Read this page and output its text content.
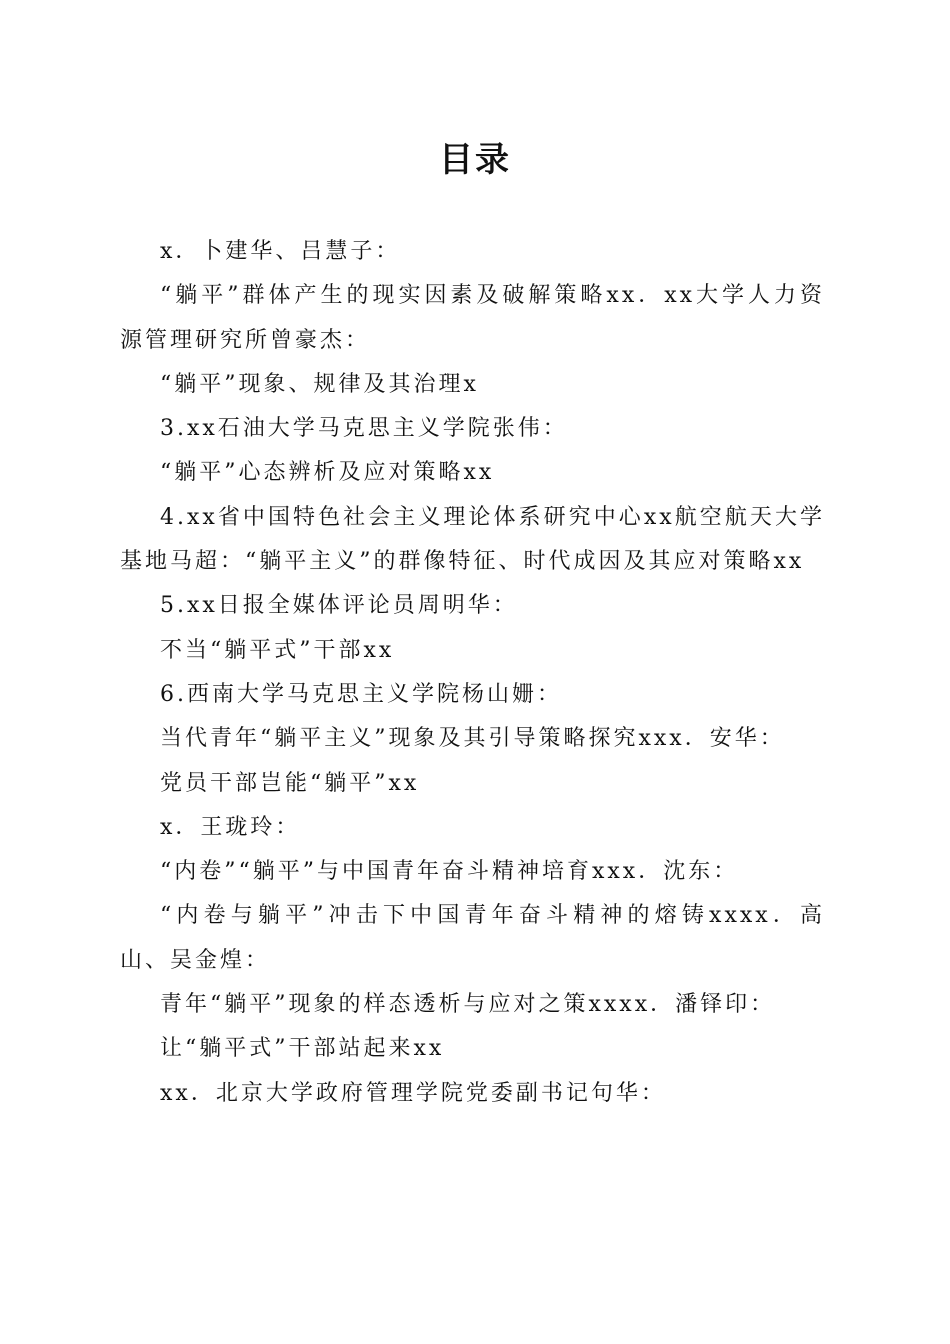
目录

x．卜建华、吕慧子：

“躺平”群体产生的现实因素及破解策略xx．xx大学人力资源管理研究所曾豪杰：

“躺平”现象、规律及其治理x

3.xx石油大学马克思主义学院张伟：

“躺平”心态辨析及应对策略xx

4.xx省中国特色社会主义理论体系研究中心xx航空航天大学基地马超：“躺平主义”的群像特征、时代成因及其应对策略xx

5.xx日报全媒体评论员周明华：

不当“躺平式”干部xx

6.西南大学马克思主义学院杨山姗：

当代青年“躺平主义”现象及其引导策略探究xxx．安华：

党员干部岂能“躺平”xx

x．王珑玲：

“内卷”“躺平”与中国青年奋斗精神培育xxx．沈东：

“内卷与躺平”冲击下中国青年奋斗精神的熔铸xxxx．高山、吴金煌：

青年“躺平”现象的样态透析与应对之策xxxx．潘铎印：

让“躺平式”干部站起来xx

xx．北京大学政府管理学院党委副书记句华：
